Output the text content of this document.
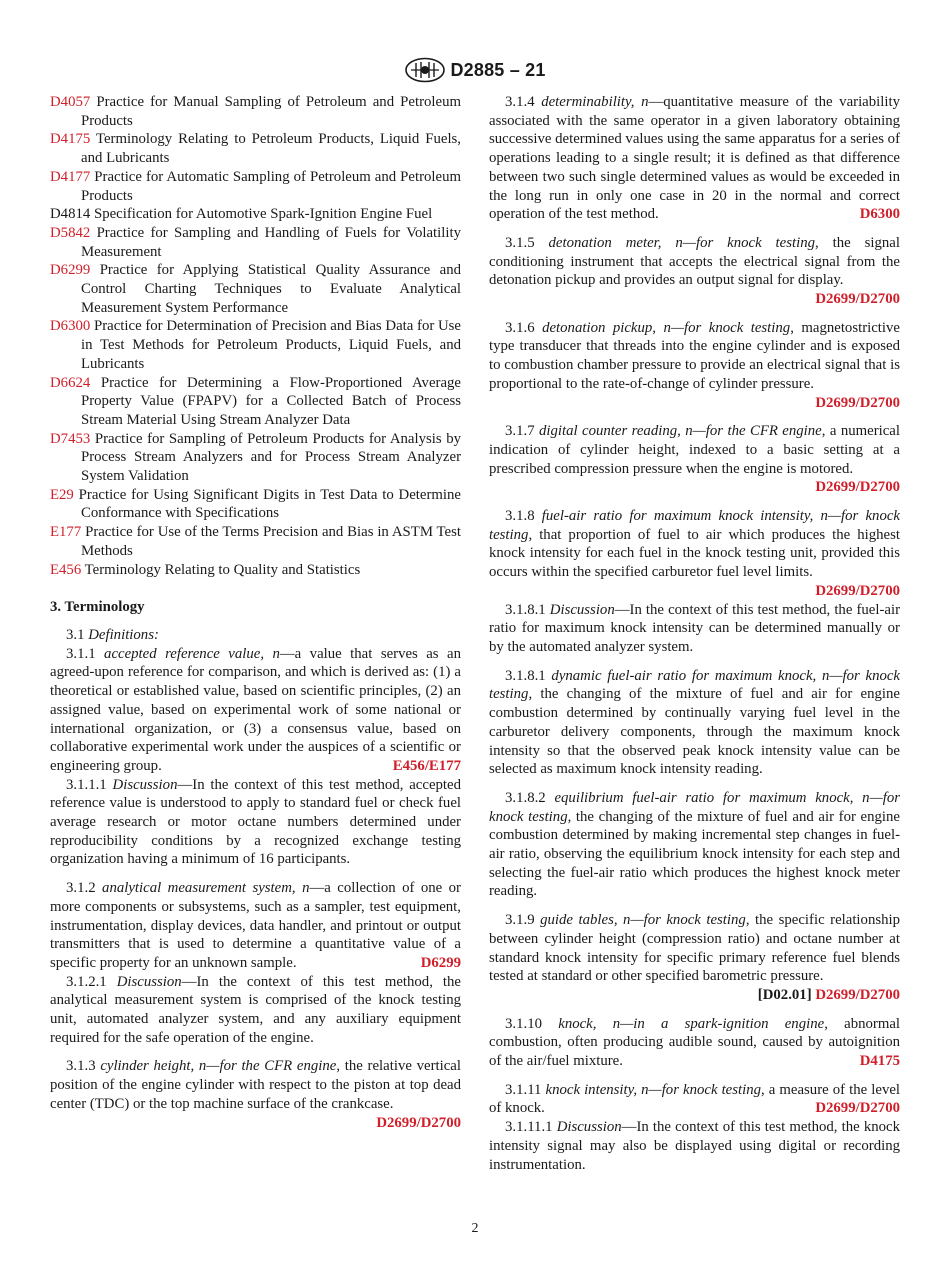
D2885 – 21

D4057 Practice for Manual Sampling of Petroleum and Petroleum Products

D4175 Terminology Relating to Petroleum Products, Liquid Fuels, and Lubricants

D4177 Practice for Automatic Sampling of Petroleum and Petroleum Products

D4814 Specification for Automotive Spark-Ignition Engine Fuel

D5842 Practice for Sampling and Handling of Fuels for Volatility Measurement

D6299 Practice for Applying Statistical Quality Assurance and Control Charting Techniques to Evaluate Analytical Measurement System Performance

D6300 Practice for Determination of Precision and Bias Data for Use in Test Methods for Petroleum Products, Liquid Fuels, and Lubricants

D6624 Practice for Determining a Flow-Proportioned Average Property Value (FPAPV) for a Collected Batch of Process Stream Material Using Stream Analyzer Data

D7453 Practice for Sampling of Petroleum Products for Analysis by Process Stream Analyzers and for Process Stream Analyzer System Validation

E29 Practice for Using Significant Digits in Test Data to Determine Conformance with Specifications

E177 Practice for Use of the Terms Precision and Bias in ASTM Test Methods

E456 Terminology Relating to Quality and Statistics

3. Terminology

3.1 Definitions:

3.1.1 accepted reference value, n—a value that serves as an agreed-upon reference for comparison, and which is derived as: (1) a theoretical or established value, based on scientific principles, (2) an assigned value, based on experimental work of some national or international organization, or (3) a consensus value, based on collaborative experimental work under the auspices of a scientific or engineering group.	E456/E177

3.1.1.1 Discussion—In the context of this test method, accepted reference value is understood to apply to standard fuel or check fuel average research or motor octane numbers determined under reproducibility conditions by a recognized exchange testing organization having a minimum of 16 participants.

3.1.2 analytical measurement system, n—a collection of one or more components or subsystems, such as a sampler, test equipment, instrumentation, display devices, data handler, and printout or output transmitters that is used to determine a quantitative value of a specific property for an unknown sample.	D6299

3.1.2.1 Discussion—In the context of this test method, the analytical measurement system is comprised of the knock testing unit, automated analyzer system, and any auxiliary equipment required for the safe operation of the engine.

3.1.3 cylinder height, n—for the CFR engine, the relative vertical position of the engine cylinder with respect to the piston at top dead center (TDC) or the top machine surface of the crankcase.
D2699/D2700

3.1.4 determinability, n—quantitative measure of the variability associated with the same operator in a given laboratory obtaining successive determined values using the same apparatus for a series of operations leading to a single result; it is defined as that difference between two such single determined values as would be exceeded in the long run in only one case in 20 in the normal and correct operation of the test method.	D6300

3.1.5 detonation meter, n—for knock testing, the signal conditioning instrument that accepts the electrical signal from the detonation pickup and provides an output signal for display.
D2699/D2700

3.1.6 detonation pickup, n—for knock testing, magnetostrictive type transducer that threads into the engine cylinder and is exposed to combustion chamber pressure to provide an electrical signal that is proportional to the rate-of-change of cylinder pressure.
D2699/D2700

3.1.7 digital counter reading, n—for the CFR engine, a numerical indication of cylinder height, indexed to a basic setting at a prescribed compression pressure when the engine is motored.
D2699/D2700

3.1.8 fuel-air ratio for maximum knock intensity, n—for knock testing, that proportion of fuel to air which produces the highest knock intensity for each fuel in the knock testing unit, provided this occurs within the specified carburetor fuel level limits.
D2699/D2700

3.1.8.1 Discussion—In the context of this test method, the fuel-air ratio for maximum knock intensity can be determined manually or by the automated analyzer system.

3.1.8.1 dynamic fuel-air ratio for maximum knock, n—for knock testing, the changing of the mixture of fuel and air for engine combustion determined by continually varying fuel level in the carburetor delivery components, through the maximum knock intensity so that the observed peak knock intensity value can be selected as maximum knock intensity reading.

3.1.8.2 equilibrium fuel-air ratio for maximum knock, n—for knock testing, the changing of the mixture of fuel and air for engine combustion determined by making incremental step changes in fuel-air ratio, observing the equilibrium knock intensity for each step and selecting the fuel-air ratio which produces the highest knock meter reading.

3.1.9 guide tables, n—for knock testing, the specific relationship between cylinder height (compression ratio) and octane number at standard knock intensity for specific primary reference fuel blends tested at standard or other specified barometric pressure.
[D02.01] D2699/D2700

3.1.10 knock, n—in a spark-ignition engine, abnormal combustion, often producing audible sound, caused by autoignition of the air/fuel mixture.	D4175

3.1.11 knock intensity, n—for knock testing, a measure of the level of knock.	D2699/D2700

3.1.11.1 Discussion—In the context of this test method, the knock intensity signal may also be displayed using digital or recording instrumentation.

2
